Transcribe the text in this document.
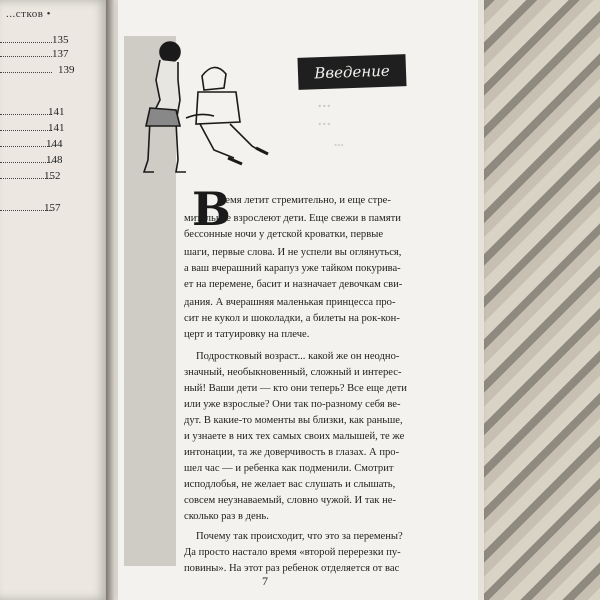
...стков •
135
137
139
141
141
144
148
152
157
Введение
...
...
...
В
ремя летит стремительно, и еще стре-
мительнее взрослеют дети. Еще свежи в памяти
бессонные ночи у детской кроватки, первые
шаги, первые слова. И не успели вы оглянуться,
а ваш вчерашний карапуз уже тайком покурива-
ет на перемене, басит и назначает девочкам сви-
дания. А вчерашняя маленькая принцесса про-
сит не кукол и шоколадки, а билеты на рок-кон-
церт и татуировку на плече.
Подростковый возраст... какой же он неодно-
значный, необыкновенный, сложный и интерес-
ный! Ваши дети — кто они теперь? Все еще дети
или уже взрослые? Они так по-разному себя ве-
дут. В какие-то моменты вы близки, как раньше,
и узнаете в них тех самых своих малышей, те же
интонации, та же доверчивость в глазах. А про-
шел час — и ребенка как подменили. Смотрит
исподлобья, не желает вас слушать и слышать,
совсем неузнаваемый, словно чужой. И так не-
сколько раз в день.
Почему так происходит, что это за перемены?
Да просто настало время «второй перерезки пу-
повины». На этот раз ребенок отделяется от вас
7
